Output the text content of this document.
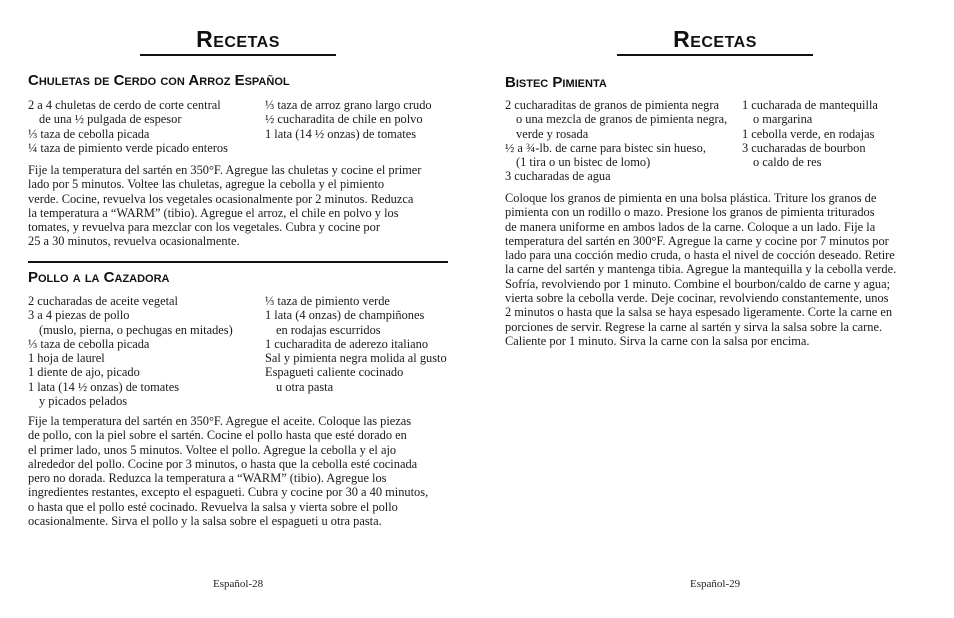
Recetas
Chuletas de Cerdo con Arroz Español
2 a 4 chuletas de cerdo de corte central
de una ½ pulgada de espesor
⅓ taza de cebolla picada
¼ taza de pimiento verde picado enteros
⅓ taza de arroz grano largo crudo
½ cucharadita de chile en polvo
1 lata (14 ½ onzas) de tomates
Fije la temperatura del sartén en 350°F. Agregue las chuletas y cocine el primer
lado por 5 minutos. Voltee las chuletas, agregue la cebolla y el pimiento
verde. Cocine, revuelva los vegetales ocasionalmente por 2 minutos. Reduzca
la temperatura a “WARM” (tibio). Agregue el arroz, el chile en polvo y los
tomates, y revuelva para mezclar con los vegetales. Cubra y cocine por
25 a 30 minutos, revuelva ocasionalmente.
Pollo a la Cazadora
2 cucharadas de aceite vegetal
3 a 4 piezas de pollo
(muslo, pierna, o pechugas en mitades)
⅓ taza de cebolla picada
1 hoja de laurel
1 diente de ajo, picado
1 lata (14 ½ onzas) de tomates
y picados pelados
⅓ taza de pimiento verde
1 lata (4 onzas) de champiñones
en rodajas escurridos
1 cucharadita de aderezo italiano
Sal y pimienta negra molida al gusto
Espagueti caliente cocinado
u otra pasta
Fije la temperatura del sartén en 350°F. Agregue el aceite. Coloque las piezas
de pollo, con la piel sobre el sartén. Cocine el pollo hasta que esté dorado en
el primer lado, unos 5 minutos. Voltee el pollo. Agregue la cebolla y el ajo
alrededor del pollo. Cocine por 3 minutos, o hasta que la cebolla esté cocinada
pero no dorada. Reduzca la temperatura a “WARM” (tibio). Agregue los
ingredientes restantes, excepto el espagueti. Cubra y cocine por 30 a 40 minutos,
o hasta que el pollo esté cocinado. Revuelva la salsa y vierta sobre el pollo
ocasionalmente. Sirva el pollo y la salsa sobre el espagueti u otra pasta.
Español-28
Recetas
Bistec Pimienta
2 cucharaditas de granos de pimienta negra
o una mezcla de granos de pimienta negra,
verde y rosada
½ a ¾-lb. de carne para bistec sin hueso,
(1 tira o un bistec de lomo)
3 cucharadas de agua
1 cucharada de mantequilla
o margarina
1 cebolla verde, en rodajas
3 cucharadas de bourbon
o caldo de res
Coloque los granos de pimienta en una bolsa plástica. Triture los granos de
pimienta con un rodillo o mazo. Presione los granos de pimienta triturados
de manera uniforme en ambos lados de la carne. Coloque a un lado. Fije la
temperatura del sartén en 300°F. Agregue la carne y cocine por 7 minutos por
lado para una cocción medio cruda, o hasta el nivel de cocción deseado. Retire
la carne del sartén y mantenga tibia. Agregue la mantequilla y la cebolla verde.
Sofría, revolviendo por 1 minuto. Combine el bourbon/caldo de carne y agua;
vierta sobre la cebolla verde. Deje cocinar, revolviendo constantemente, unos
2 minutos o hasta que la salsa se haya espesado ligeramente. Corte la carne en
porciones de servir. Regrese la carne al sartén y sirva la salsa sobre la carne.
Caliente por 1 minuto. Sirva la carne con la salsa por encima.
Español-29
